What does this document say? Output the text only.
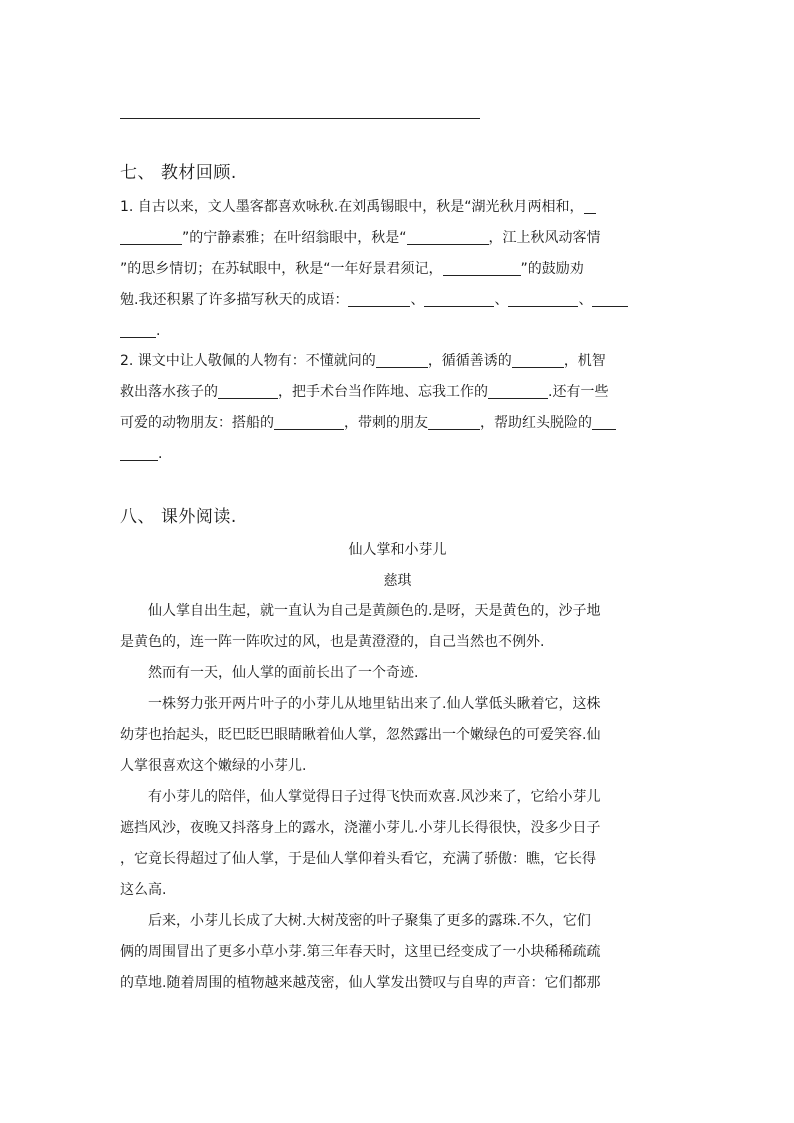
七、 教材回顾.
1. 自古以来，文人墨客都喜欢咏秋.在刘禹锡眼中，秋是“湖光秋月两相和，
”的宁静素雅；在叶绍翁眼中，秋是“	，江上秋风动客情
”的思乡情切；在苏轼眼中，秋是“一年好景君须记，	”的鼓励劝
勉.我还积累了许多描写秋天的成语：	、	、	、
.
2. 课文中让人敬佩的人物有：不懂就问的	，循循善诱的	，机智
救出落水孩子的	，把手术台当作阵地、忘我工作的	.还有一些
可爱的动物朋友：搭船的	，带刺的朋友	，帮助红头脱险的
.
八、 课外阅读.
仙人掌和小芽儿
慈琪
仙人掌自出生起，就一直认为自己是黄颜色的.是呀，天是黄色的，沙子地
是黄色的，连一阵一阵吹过的风，也是黄澄澄的，自己当然也不例外.
然而有一天，仙人掌的面前长出了一个奇迹.
一株努力张开两片叶子的小芽儿从地里钻出来了.仙人掌低头瞅着它，这株
幼芽也抬起头，眨巴眨巴眼睛瞅着仙人掌，忽然露出一个嫩绿色的可爱笑容.仙
人掌很喜欢这个嫩绿的小芽儿.
有小芽儿的陪伴，仙人掌觉得日子过得飞快而欢喜.风沙来了，它给小芽儿
遮挡风沙，夜晚又抖落身上的露水，浇灌小芽儿.小芽儿长得很快，没多少日子
，它竟长得超过了仙人掌，于是仙人掌仰着头看它，充满了骄傲：瞧，它长得
这么高.
后来，小芽儿长成了大树.大树茂密的叶子聚集了更多的露珠.不久，它们
俩的周围冒出了更多小草小芽.第三年春天时，这里已经变成了一小块稀稀疏疏
的草地.随着周围的植物越来越茂密，仙人掌发出赞叹与自卑的声音：它们都那
